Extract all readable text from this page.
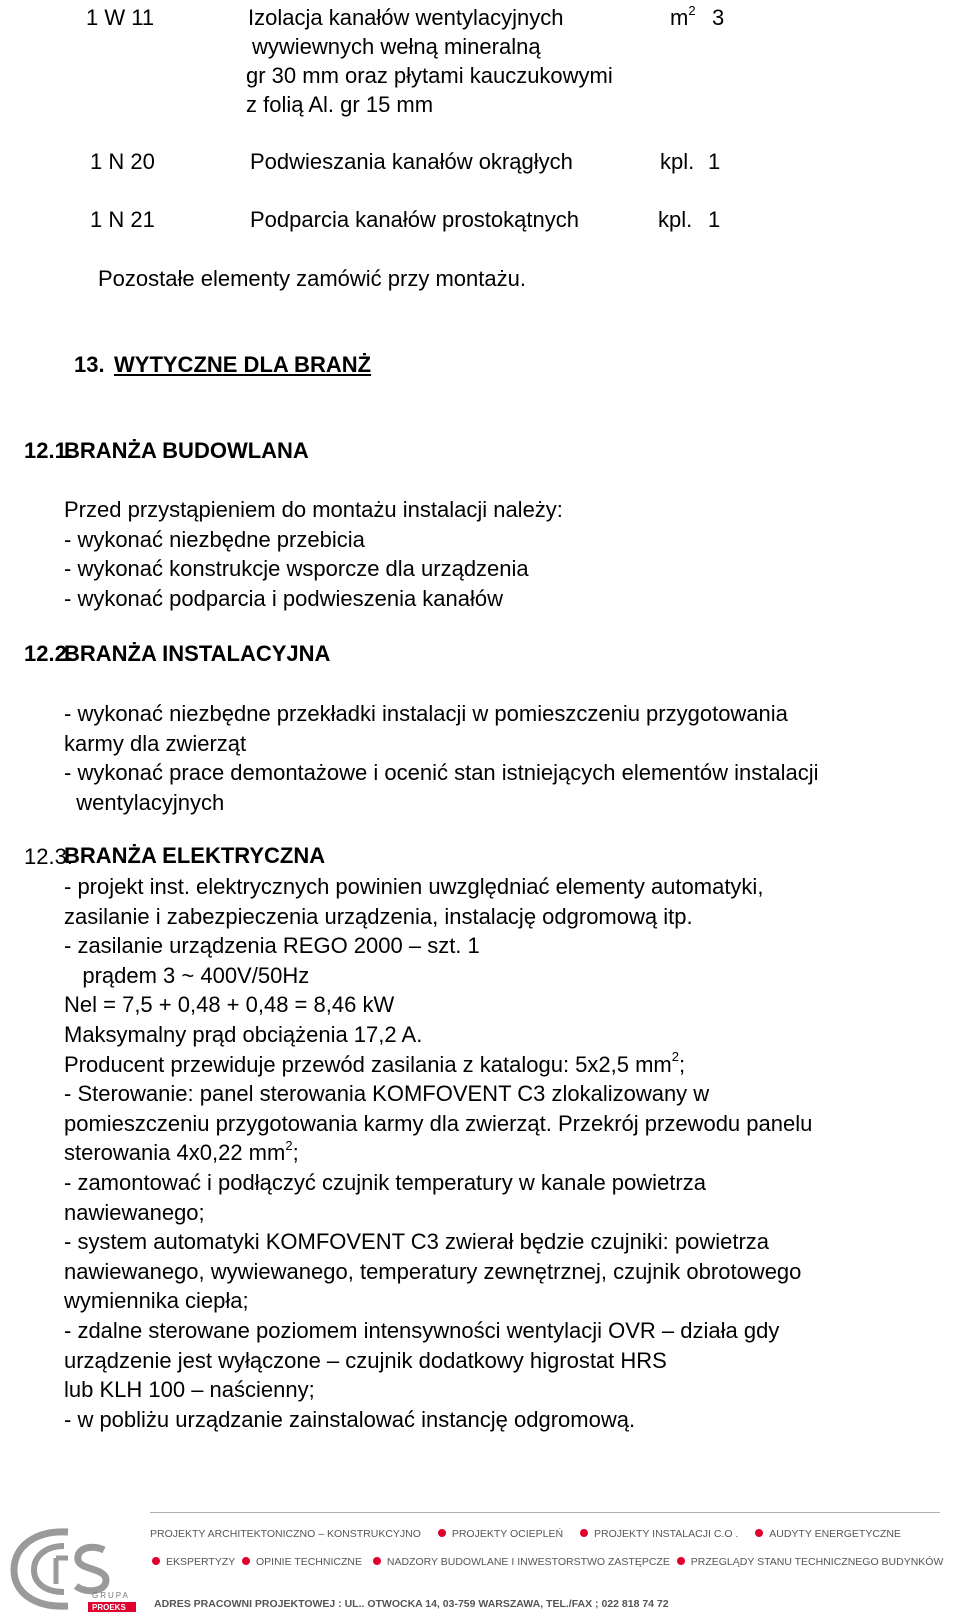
1 W 11	Izolacja kanałów wentylacyjnych
wywiewnych wełną mineralną
gr 30 mm oraz płytami kauczukowymi
z folią Al. gr 15 mm
$m^2$ 3
1 N 20	Podwieszania kanałów okrągłych	kpl. 1
1 N 21	Podparcia kanałów prostokątnych	kpl. 1
Pozostałe elementy zamówić przy montażu.
13. WYTYCZNE DLA BRANŻ
12.1.
BRANŻA BUDOWLANA
Przed przystąpieniem do montażu instalacji należy:
- wykonać niezbędne przebicia
- wykonać konstrukcje wsporcze dla urządzenia
- wykonać podparcia i podwieszenia kanałów
12.2.
BRANŻA INSTALACYJNA
- wykonać niezbędne przekładki instalacji w pomieszczeniu przygotowania
karmy dla zwierząt
- wykonać prace demontażowe i ocenić stan istniejących elementów instalacji
wentylacyjnych
12.3.
BRANŻA ELEKTRYCZNA
- projekt inst. elektrycznych powinien uwzględniać elementy automatyki,
zasilanie i zabezpieczenia urządzenia, instalację odgromową itp.
- zasilanie urządzenia REGO 2000 – szt. 1
prądem 3 ~ 400V/50Hz
Nel = 7,5 + 0,48 + 0,48 = 8,46 kW
Maksymalny prąd obciążenia 17,2 A.
Producent przewiduje przewód zasilania z katalogu: 5x2,5 $mm^2$;
- Sterowanie: panel sterowania KOMFOVENT C3 zlokalizowany w
pomieszczeniu przygotowania karmy dla zwierząt. Przekrój przewodu panelu
sterowania 4x0,22 $mm^2$;
- zamontować i podłączyć czujnik temperatury w kanale powietrza
nawiewanego;
- system automatyki KOMFOVENT C3 zwierał będzie czujniki: powietrza
nawiewanego, wywiewanego, temperatury zewnętrznej, czujnik obrotowego
wymiennika ciepła;
- zdalne sterowane poziomem intensywności wentylacji OVR – działa gdy
urządzenie jest wyłączone – czujnik dodatkowy higrostat HRS
lub KLH 100 – naścienny;
- w pobliżu urządzanie zainstalować instancję odgromową.
GRUPA
PROEKS
PROJEKTY ARCHITEKTONICZNO – KONSTRUKCYJNO	PROJEKTY OCIEPLEŃ	PROJEKTY INSTALACJI C.O .	AUDYTY ENERGETYCZNE
EKSPERTYZY OPINIE TECHNICZNE NADZORY BUDOWLANE I INWESTORSTWO ZASTĘPCZE PRZEGLĄDY STANU TECHNICZNEGO BUDYNKÓW
ADRES PRACOWNI PROJEKTOWEJ : UL.. OTWOCKA 14, 03-759 WARSZAWA, TEL./FAX ; 022 818 74 72
